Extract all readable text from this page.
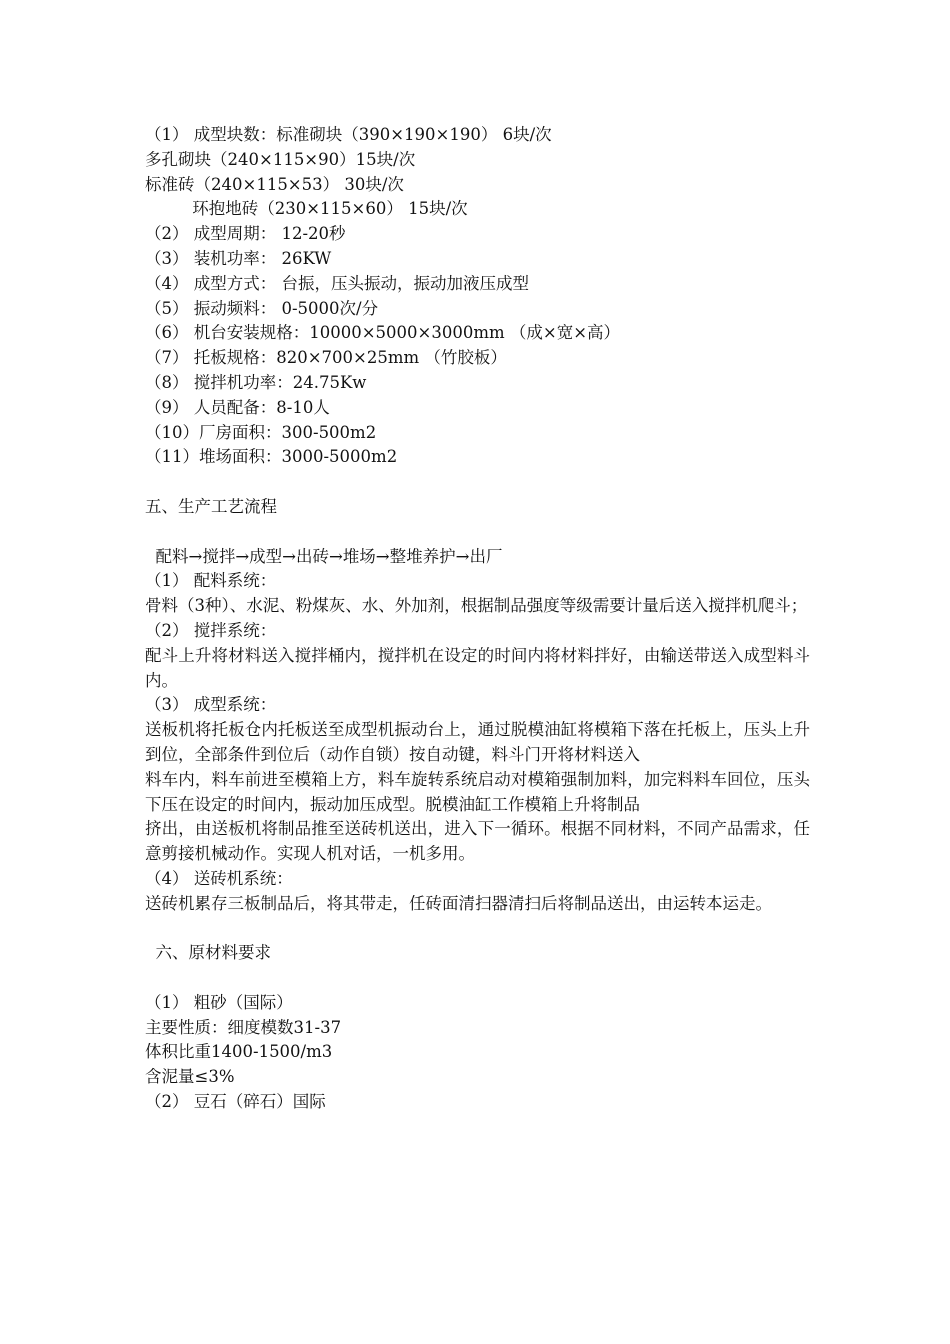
（1） 成型块数：标准砌块（390×190×190） 6块/次
多孔砌块（240×115×90）15块/次
标准砖（240×115×53） 30块/次
环抱地砖（230×115×60） 15块/次
（2） 成型周期： 12-20秒
（3） 装机功率： 26KW
（4） 成型方式： 台振，压头振动，振动加液压成型
（5） 振动频料： 0-5000次/分
（6） 机台安装规格：10000×5000×3000mm （成×宽×高）
（7） 托板规格：820×700×25mm （竹胶板）
（8） 搅拌机功率：24.75Kw
（9） 人员配备：8-10人
（10）厂房面积：300-500m2
（11）堆场面积：3000-5000m2
五、生产工艺流程
配料→搅拌→成型→出砖→堆场→整堆养护→出厂
（1） 配料系统：
骨料（3种）、水泥、粉煤灰、水、外加剂，根据制品强度等级需要计量后送入搅拌机爬斗；
（2） 搅拌系统：
配斗上升将材料送入搅拌桶内，搅拌机在设定的时间内将材料拌好，由输送带送入成型料斗内。
（3） 成型系统：
送板机将托板仓内托板送至成型机振动台上，通过脱模油缸将模箱下落在托板上，压头上升到位，全部条件到位后（动作自锁）按自动键，料斗门开将材料送入
料车内，料车前进至模箱上方，料车旋转系统启动对模箱强制加料，加完料料车回位，压头下压在设定的时间内，振动加压成型。脱模油缸工作模箱上升将制品
挤出，由送板机将制品推至送砖机送出，进入下一循环。根据不同材料，不同产品需求，任意剪接机械动作。实现人机对话，一机多用。
（4） 送砖机系统：
送砖机累存三板制品后，将其带走，任砖面清扫器清扫后将制品送出，由运转本运走。
六、原材料要求
（1） 粗砂（国际）
主要性质：细度模数31-37
体积比重1400-1500/m3
含泥量≤3%
（2） 豆石（碎石）国际
